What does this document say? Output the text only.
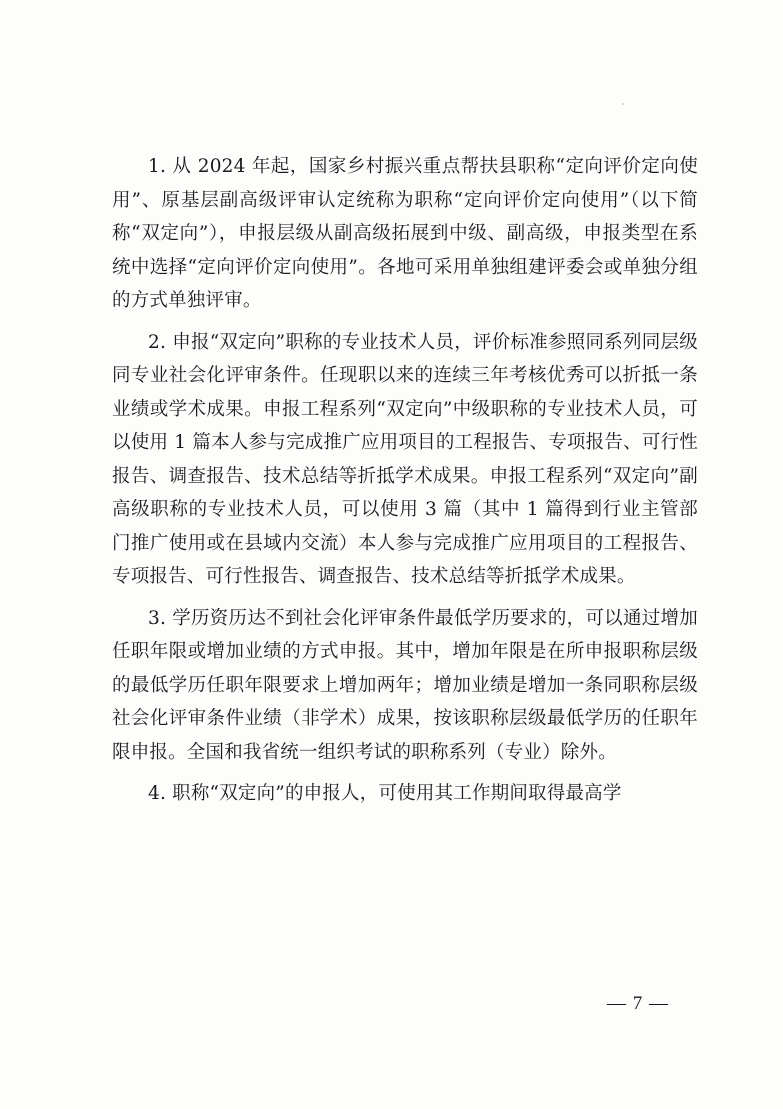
1. 从 2024 年起，国家乡村振兴重点帮扶县职称“定向评价定向使用”、原基层副高级评审认定统称为职称“定向评价定向使用”（以下简称“双定向”），申报层级从副高级拓展到中级、副高级，申报类型在系统中选择“定向评价定向使用”。各地可采用单独组建评委会或单独分组的方式单独评审。

2. 申报“双定向”职称的专业技术人员，评价标准参照同系列同层级同专业社会化评审条件。任现职以来的连续三年考核优秀可以折抵一条业绩或学术成果。申报工程系列“双定向”中级职称的专业技术人员，可以使用 1 篇本人参与完成推广应用项目的工程报告、专项报告、可行性报告、调查报告、技术总结等折抵学术成果。申报工程系列“双定向”副高级职称的专业技术人员，可以使用 3 篇（其中 1 篇得到行业主管部门推广使用或在县域内交流）本人参与完成推广应用项目的工程报告、专项报告、可行性报告、调查报告、技术总结等折抵学术成果。

3. 学历资历达不到社会化评审条件最低学历要求的，可以通过增加任职年限或增加业绩的方式申报。其中，增加年限是在所申报职称层级的最低学历任职年限要求上增加两年；增加业绩是增加一条同职称层级社会化评审条件业绩（非学术）成果，按该职称层级最低学历的任职年限申报。全国和我省统一组织考试的职称系列（专业）除外。

4. 职称“双定向”的申报人，可使用其工作期间取得最高学

— 7 —
